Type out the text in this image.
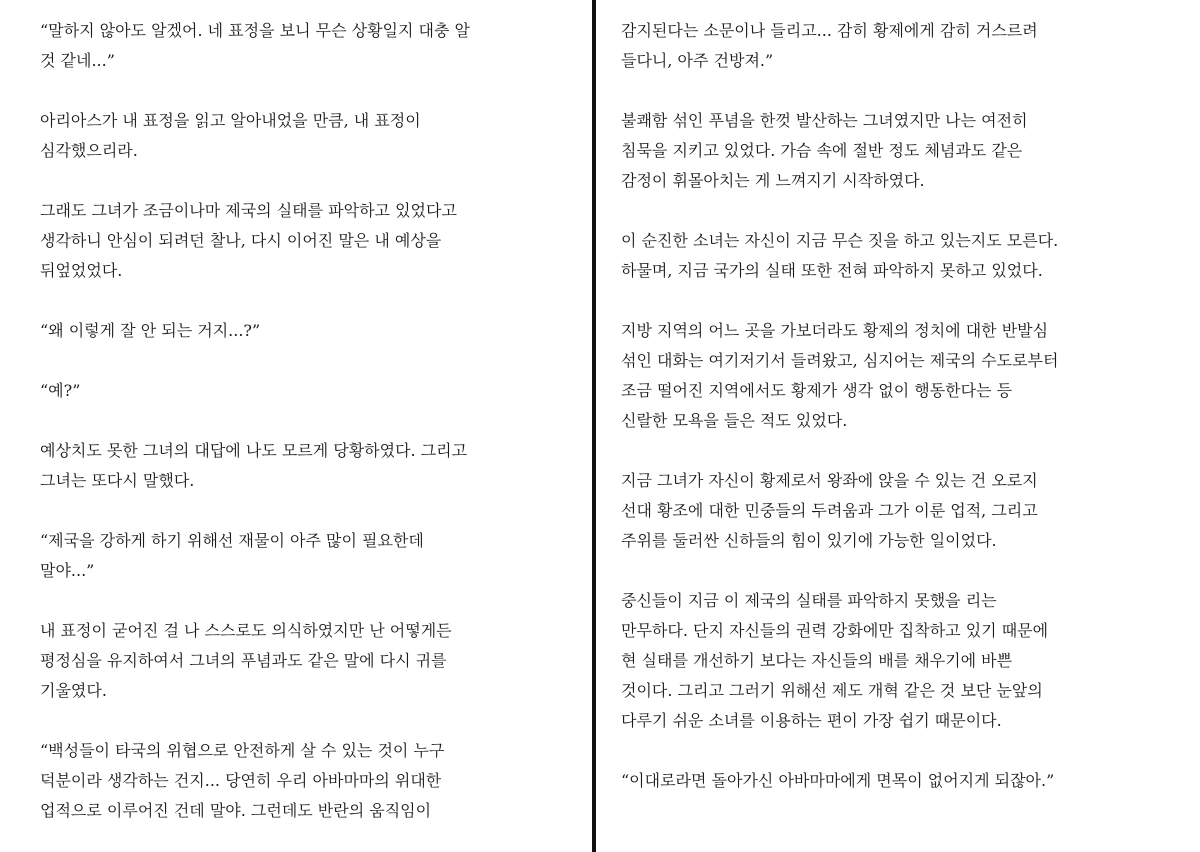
“말하지 않아도 알겠어. 네 표정을 보니 무슨 상황일지 대충 알
것 같네...”

아리아스가 내 표정을 읽고 알아내었을 만큼, 내 표정이
심각했으리라.

그래도 그녀가 조금이나마 제국의 실태를 파악하고 있었다고
생각하니 안심이 되려던 찰나, 다시 이어진 말은 내 예상을
뒤엎었었다.

“왜 이렇게 잘 안 되는 거지...?”

“예?”

예상치도 못한 그녀의 대답에 나도 모르게 당황하였다. 그리고
그녀는 또다시 말했다.

“제국을 강하게 하기 위해선 재물이 아주 많이 필요한데
말야...”

내 표정이 굳어진 걸 나 스스로도 의식하였지만 난 어떻게든
평정심을 유지하여서 그녀의 푸념과도 같은 말에 다시 귀를
기울였다.

“백성들이 타국의 위협으로 안전하게 살 수 있는 것이 누구
덕분이라 생각하는 건지... 당연히 우리 아바마마의 위대한
업적으로 이루어진 건데 말야. 그런데도 반란의 움직임이

감지된다는 소문이나 들리고... 감히 황제에게 감히 거스르려
들다니, 아주 건방져.”

불쾌함 섞인 푸념을 한껏 발산하는 그녀였지만 나는 여전히
침묵을 지키고 있었다. 가슴 속에 절반 정도 체념과도 같은
감정이 휘몰아치는 게 느껴지기 시작하였다.

이 순진한 소녀는 자신이 지금 무슨 짓을 하고 있는지도 모른다.
하물며, 지금 국가의 실태 또한 전혀 파악하지 못하고 있었다.

지방 지역의 어느 곳을 가보더라도 황제의 정치에 대한 반발심
섞인 대화는 여기저기서 들려왔고, 심지어는 제국의 수도로부터
조금 떨어진 지역에서도 황제가 생각 없이 행동한다는 등
신랄한 모욕을 들은 적도 있었다.

지금 그녀가 자신이 황제로서 왕좌에 앉을 수 있는 건 오로지
선대 황조에 대한 민중들의 두려움과 그가 이룬 업적, 그리고
주위를 둘러싼 신하들의 힘이 있기에 가능한 일이었다.

중신들이 지금 이 제국의 실태를 파악하지 못했을 리는
만무하다. 단지 자신들의 권력 강화에만 집착하고 있기 때문에
현 실태를 개선하기 보다는 자신들의 배를 채우기에 바쁜
것이다. 그리고 그러기 위해선 제도 개혁 같은 것 보단 눈앞의
다루기 쉬운 소녀를 이용하는 편이 가장 쉽기 때문이다.

“이대로라면 돌아가신 아바마마에게 면목이 없어지게 되잖아.”
